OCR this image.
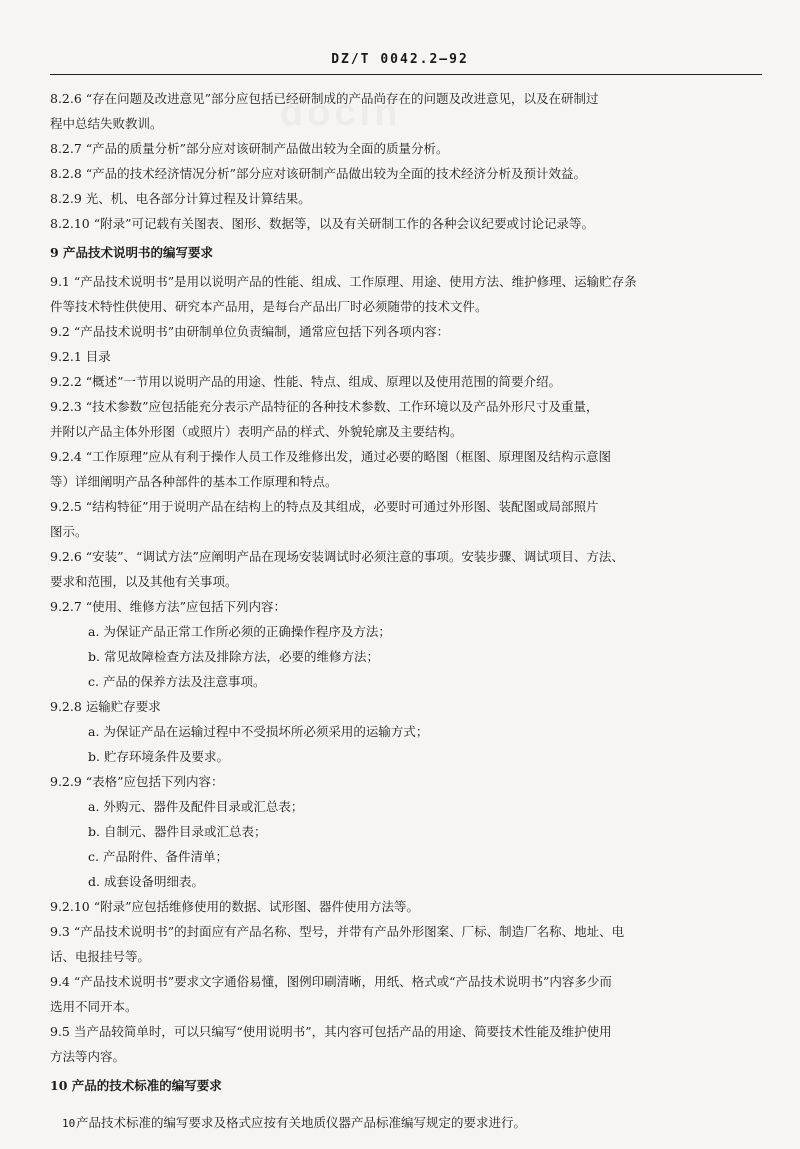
DZ/T 0042.2—92
8.2.6 “存在问题及改进意见”部分应包括已经研制成的产品尚存在的问题及改进意见，以及在研制过
程中总结失败教训。
8.2.7 “产品的质量分析”部分应对该研制产品做出较为全面的质量分析。
8.2.8 “产品的技术经济情况分析”部分应对该研制产品做出较为全面的技术经济分析及预计效益。
8.2.9 光、机、电各部分计算过程及计算结果。
8.2.10 “附录”可记载有关图表、图形、数据等，以及有关研制工作的各种会议纪要或讨论记录等。
9 产品技术说明书的编写要求
9.1 “产品技术说明书”是用以说明产品的性能、组成、工作原理、用途、使用方法、维护修理、运输贮存条
件等技术特性供使用、研究本产品用，是每台产品出厂时必须随带的技术文件。
9.2 “产品技术说明书”由研制单位负责编制，通常应包括下列各项内容：
9.2.1 目录
9.2.2 “概述”一节用以说明产品的用途、性能、特点、组成、原理以及使用范围的简要介绍。
9.2.3 “技术参数”应包括能充分表示产品特征的各种技术参数、工作环境以及产品外形尺寸及重量，
并附以产品主体外形图（或照片）表明产品的样式、外貌轮廓及主要结构。
9.2.4 “工作原理”应从有利于操作人员工作及维修出发，通过必要的略图（框图、原理图及结构示意图
等）详细阐明产品各种部件的基本工作原理和特点。
9.2.5 “结构特征”用于说明产品在结构上的特点及其组成，必要时可通过外形图、装配图或局部照片
图示。
9.2.6 “安装”、“调试方法”应阐明产品在现场安装调试时必须注意的事项。安装步骤、调试项目、方法、
要求和范围，以及其他有关事项。
9.2.7 “使用、维修方法”应包括下列内容：
a. 为保证产品正常工作所必须的正确操作程序及方法；
b. 常见故障检查方法及排除方法，必要的维修方法；
c. 产品的保养方法及注意事项。
9.2.8 运输贮存要求
a. 为保证产品在运输过程中不受损坏所必须采用的运输方式；
b. 贮存环境条件及要求。
9.2.9 “表格”应包括下列内容：
a. 外购元、器件及配件目录或汇总表；
b. 自制元、器件目录或汇总表；
c. 产品附件、备件清单；
d. 成套设备明细表。
9.2.10 “附录”应包括维修使用的数据、试形图、器件使用方法等。
9.3 “产品技术说明书”的封面应有产品名称、型号，并带有产品外形图案、厂标、制造厂名称、地址、电
话、电报挂号等。
9.4 “产品技术说明书”要求文字通俗易懂，图例印刷清晰，用纸、格式或“产品技术说明书”内容多少而
选用不同开本。
9.5 当产品较简单时，可以只编写“使用说明书”，其内容可包括产品的用途、简要技术性能及维护使用
方法等内容。
10 产品的技术标准的编写要求
产品技术标准的编写要求及格式应按有关地质仪器产品标准编写规定的要求进行。
10
